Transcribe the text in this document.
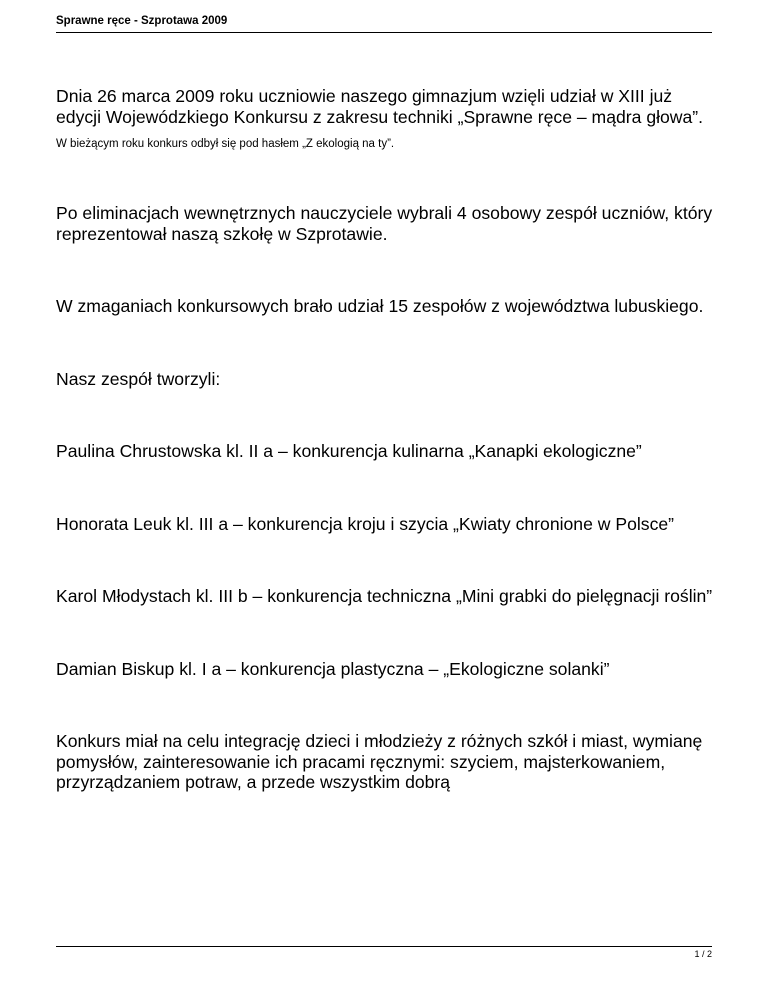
Sprawne ręce - Szprotawa 2009

Dnia 26 marca 2009 roku uczniowie naszego gimnazjum wzięli udział w XIII już edycji Wojewódzkiego Konkursu z zakresu techniki „Sprawne ręce – mądra głowa”.

W bieżącym roku konkurs odbył się pod hasłem „Z ekologią na ty”.

Po eliminacjach wewnętrznych nauczyciele wybrali 4 osobowy zespół uczniów, który reprezentował naszą szkołę w Szprotawie.

W zmaganiach konkursowych brało udział 15 zespołów z województwa lubuskiego.

Nasz zespół tworzyli:

Paulina Chrustowska kl. II a – konkurencja kulinarna „Kanapki ekologiczne”

Honorata Leuk kl. III a – konkurencja kroju i szycia „Kwiaty chronione w Polsce”

Karol Młodystach kl. III b – konkurencja techniczna „Mini grabki do pielęgnacji roślin”

Damian Biskup kl. I a – konkurencja plastyczna – „Ekologiczne solanki”

Konkurs miał na celu integrację dzieci i młodzieży z różnych szkół i miast, wymianę pomysłów, zainteresowanie ich pracami ręcznymi: szyciem, majsterkowaniem, przyrządzaniem potraw, a przede wszystkim dobrą

1 / 2
